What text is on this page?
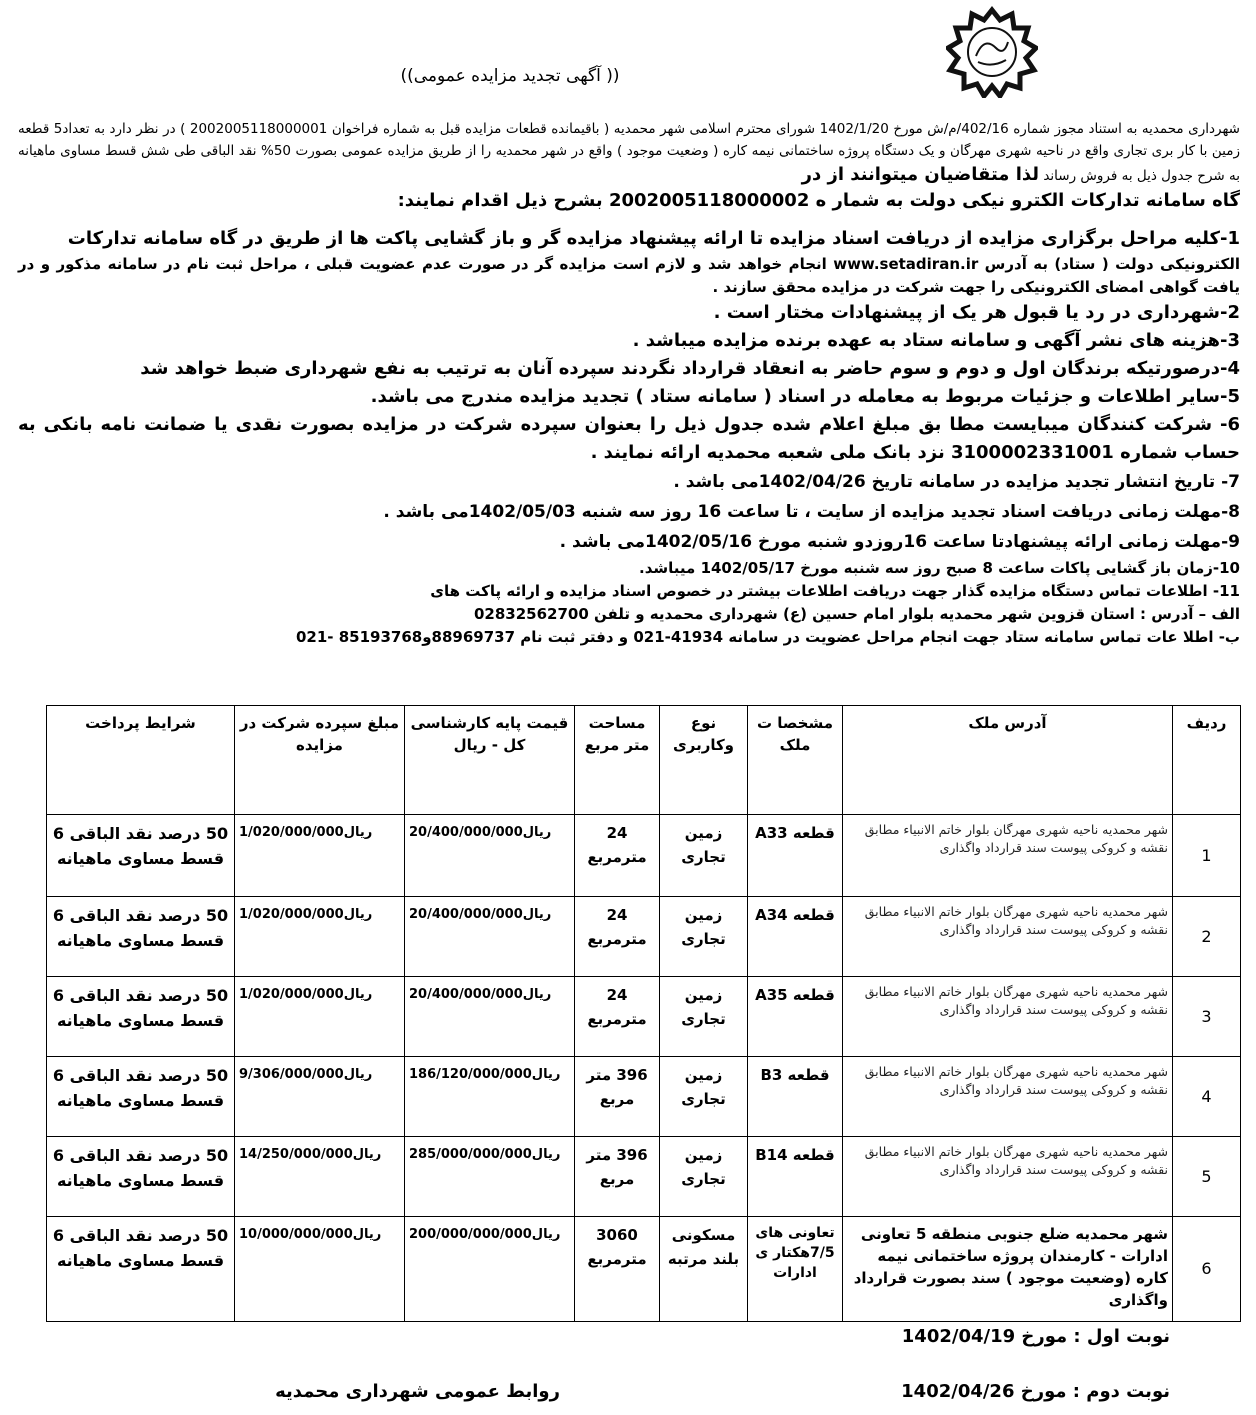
((آگهی تجدید مزایده عمومی ))
شهرداری محمدیه به استناد مجوز شماره 402/16/م/ش مورخ 1402/1/20 شورای محترم اسلامی شهر محمدیه ( باقیمانده قطعات مزایده قبل به شماره فراخوان 2002005118000001 ) در نظر دارد به تعداد5 قطعه زمین با کار بری تجاری واقع در ناحیه شهری مهرگان و یک دستگاه پروژه ساختمانی نیمه کاره ( وضعیت موجود ) واقع در شهر محمدیه را از طریق مزایده عمومی بصورت 50% نقد الباقی طی شش قسط مساوی ماهیانه به شرح جدول ذیل به فروش رساند لذا متقاضیان میتوانند از در
گاه سامانه تدارکات الکترو نیکی دولت به شمار ه 2002005118000002 بشرح ذیل اقدام نمایند:

1-کلیه مراحل برگزاری مزایده از دریافت اسناد مزایده تا ارائه پیشنهاد مزایده گر و باز گشایی پاکت ها از طریق در گاه سامانه تدارکات

الکترونیکی دولت ( ستاد) به آدرس www.setadiran.ir انجام خواهد شد و لازم است مزایده گر در صورت عدم عضویت قبلی ، مراحل ثبت نام در سامانه مذکور و در یافت گواهی امضای الکترونیکی را جهت شرکت در مزایده محقق سازند .

2-شهرداری در رد یا قبول هر یک از پیشنهادات مختار است .

3-هزینه های نشر آگهی و سامانه ستاد به عهده برنده مزایده میباشد .

4-درصورتیکه برندگان اول و دوم و سوم حاضر به انعقاد قرارداد نگردند سپرده آنان به ترتیب به نفع شهرداری ضبط خواهد شد

5-سایر اطلاعات و جزئیات مربوط به معامله در اسناد ( سامانه ستاد ) تجدید مزایده مندرج می باشد.

6- شرکت کنندگان میبایست مطا بق مبلغ اعلام شده جدول ذیل را بعنوان سپرده شرکت در مزایده بصورت نقدی یا ضمانت نامه بانکی به حساب شماره 3100002331001 نزد بانک ملی شعبه محمدیه ارائه نمایند .

7- تاریخ انتشار تجدید مزایده در سامانه تاریخ 1402/04/26می باشد .

8-مهلت زمانی دریافت اسناد تجدید مزایده از سایت ، تا ساعت 16 روز سه شنبه 1402/05/03می باشد .

9-مهلت زمانی ارائه پیشنهادتا ساعت 16روزدو شنبه مورخ 1402/05/16می باشد .

10-زمان باز گشایی پاکات ساعت 8 صبح روز سه شنبه مورخ 1402/05/17 میباشد.

11- اطلاعات تماس دستگاه مزایده گذار جهت دریافت اطلاعات بیشتر در خصوص اسناد مزایده و ارائه پاکت های

الف – آدرس : استان قزوین شهر محمدیه بلوار امام حسین (ع) شهرداری محمدیه و تلفن 02832562700

ب- اطلا عات تماس سامانه ستاد جهت انجام مراحل عضویت در سامانه 41934-021 و دفتر ثبت نام 88969737و85193768 -021

ردیف	آدرس ملک	مشخصا ت ملک	نوع وکاربری	مساحت متر مربع	قیمت پایه کارشناسی کل - ریال	مبلغ سپرده شرکت در مزایده	شرایط پرداخت
1	شهر محمدیه ناحیه شهری مهرگان بلوار خاتم الانبیاء مطابق نقشه و کروکی پیوست سند قرارداد واگذاری	قطعه A33	زمین تجاری	24 مترمربع	20/400/000/000ریال	1/020/000/000ریال	50 درصد نقد الباقی 6 قسط مساوی ماهیانه
2	شهر محمدیه ناحیه شهری مهرگان بلوار خاتم الانبیاء مطابق نقشه و کروکی پیوست سند قرارداد واگذاری	قطعه A34	زمین تجاری	24 مترمربع	20/400/000/000ریال	1/020/000/000ریال	50 درصد نقد الباقی 6 قسط مساوی ماهیانه
3	شهر محمدیه ناحیه شهری مهرگان بلوار خاتم الانبیاء مطابق نقشه و کروکی پیوست سند قرارداد واگذاری	قطعه A35	زمین تجاری	24 مترمربع	20/400/000/000ریال	1/020/000/000ریال	50 درصد نقد الباقی 6 قسط مساوی ماهیانه
4	شهر محمدیه ناحیه شهری مهرگان بلوار خاتم الانبیاء مطابق نقشه و کروکی پیوست سند قرارداد واگذاری	قطعه B3	زمین تجاری	396 متر مربع	186/120/000/000ریال	9/306/000/000ریال	50 درصد نقد الباقی 6 قسط مساوی ماهیانه
5	شهر محمدیه ناحیه شهری مهرگان بلوار خاتم الانبیاء مطابق نقشه و کروکی پیوست سند قرارداد واگذاری	قطعه B14	زمین تجاری	396 متر مربع	285/000/000/000ریال	14/250/000/000ریال	50 درصد نقد الباقی 6 قسط مساوی ماهیانه
6	شهر محمدیه ضلع جنوبی منطقه 5 تعاونی ادارات - کارمندان پروژه ساختمانی نیمه کاره (وضعیت موجود ) سند بصورت قرارداد واگذاری	تعاونی های 7/5هکتار ی ادارات	مسکونی بلند مرتبه	3060 مترمربع	200/000/000/000ریال	10/000/000/000ریال	50 درصد نقد الباقی 6 قسط مساوی ماهیانه
نوبت اول : مورخ 1402/04/19
نوبت دوم : مورخ 1402/04/26
روابط عمومی شهرداری محمدیه
